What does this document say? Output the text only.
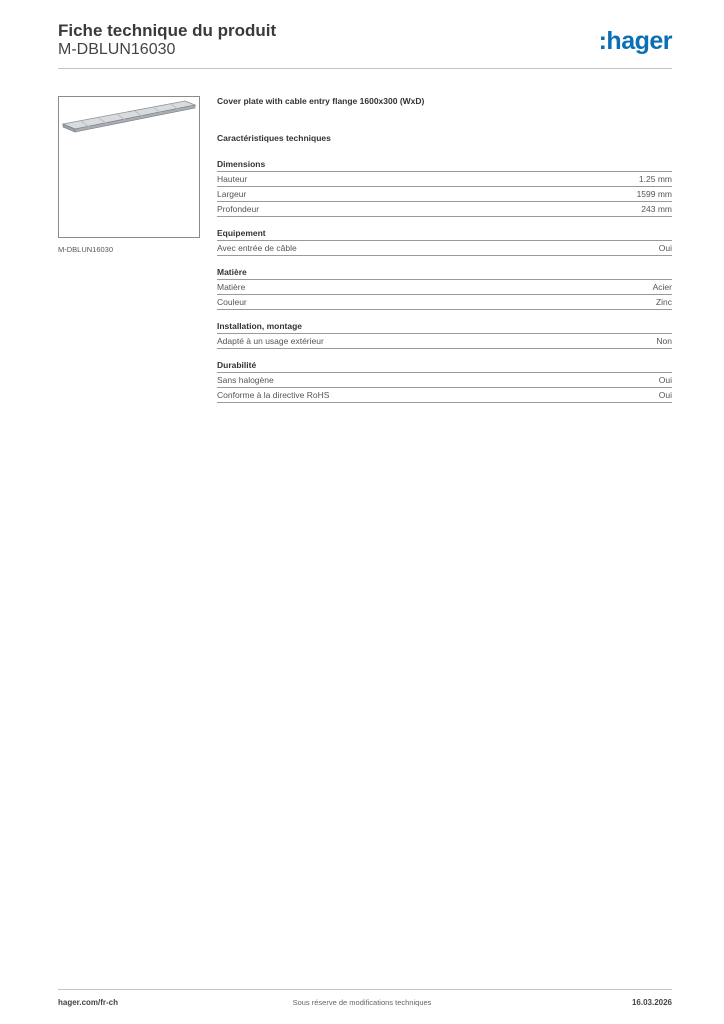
Fiche technique du produit
M-DBLUN16030	:hager
M-DBLUN16030
Cover plate with cable entry flange 1600x300 (WxD)
Caractéristiques techniques
Dimensions
Hauteur	1.25 mm
Largeur	1599 mm
Profondeur	243 mm
Equipement
Avec entrée de câble	Oui
Matière
Matière	Acier
Couleur	Zinc
Installation, montage
Adapté à un usage extérieur	Non
Durabilité
Sans halogène	Oui
Conforme à la directive RoHS	Oui
hager.com/fr-ch	Sous réserve de modifications techniques	16.03.2026
